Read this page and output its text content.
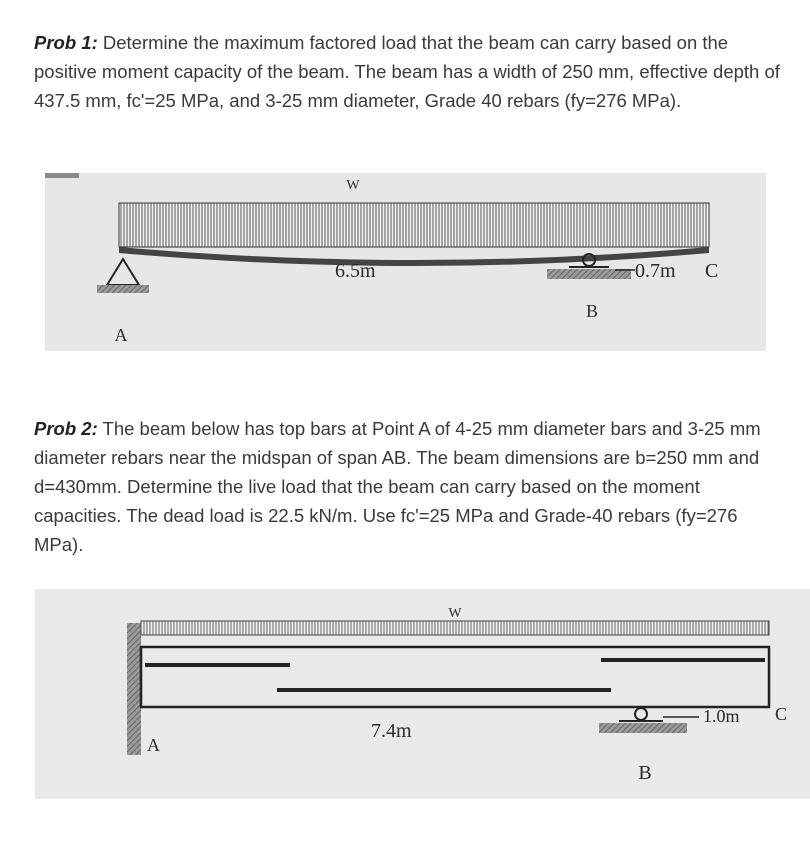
Prob 1: Determine the maximum factored load that the beam can carry based on the positive moment capacity of the beam. The beam has a width of 250 mm, effective depth of 437.5 mm, fc'=25 MPa, and 3-25 mm diameter, Grade 40 rebars (fy=276 MPa).
W
6.5m	0.7m C
B
A
Prob 2: The beam below has top bars at Point A of 4-25 mm diameter bars and 3-25 mm diameter rebars near the midspan of span AB. The beam dimensions are b=250 mm and d=430mm. Determine the live load that the beam can carry based on the moment capacities. The dead load is 22.5 kN/m. Use fc'=25 MPa and Grade-40 rebars (fy=276 MPa).
W
A
7.4m
1.0m C
B
